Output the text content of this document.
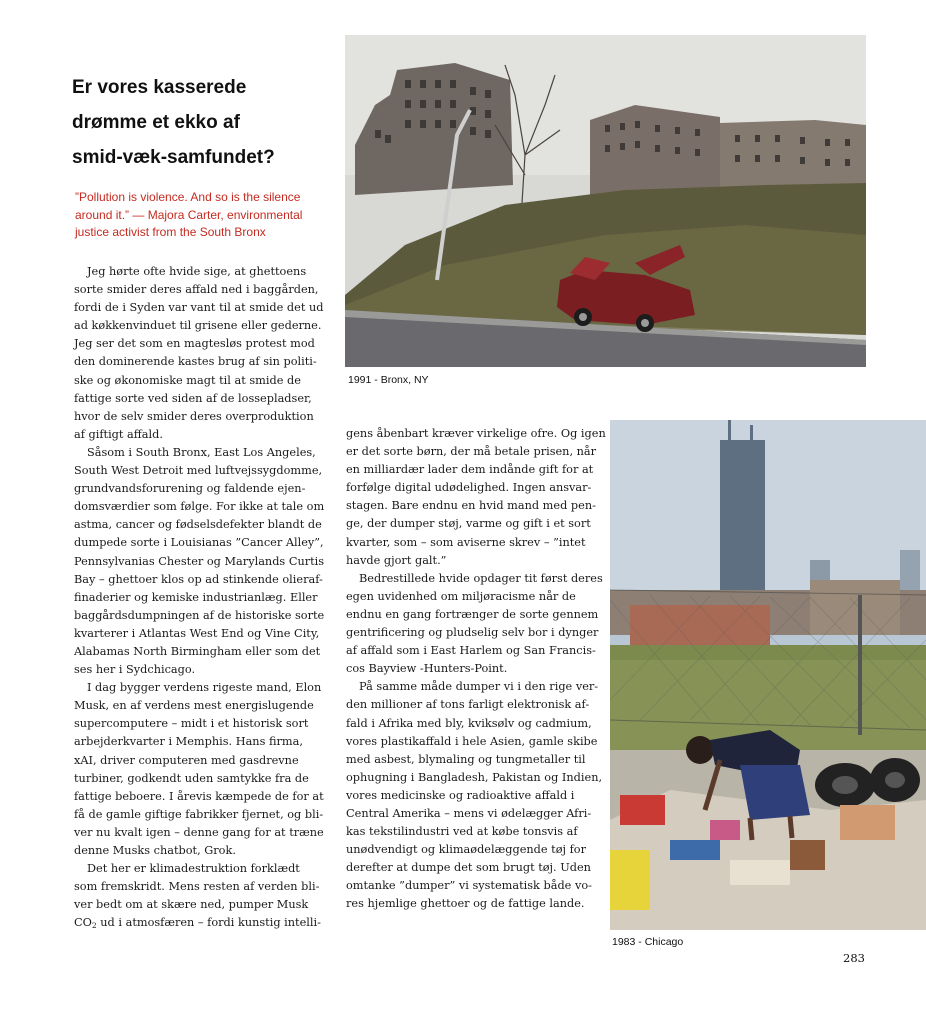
Er vores kasserede
drømme et ekko af
smid-væk-samfundet?

”Pollution is violence. And so is the silence
around it.” — Majora Carter, environmental
justice activist from the South Bronx

Jeg hørte ofte hvide sige, at ghettoens
sorte smider deres affald ned i baggården,
fordi de i Syden var vant til at smide det ud
ad køkkenvinduet til grisene eller gederne.
Jeg ser det som en magtesløs protest mod
den dominerende kastes brug af sin politi-
ske og økonomiske magt til at smide de
fattige sorte ved siden af de lossepladser,
hvor de selv smider deres overproduktion
af giftigt affald.
Såsom i South Bronx, East Los Angeles,
South West Detroit med luftvejssygdomme,
grundvandsforurening og faldende ejen-
domsværdier som følge. For ikke at tale om
astma, cancer og fødselsdefekter blandt de
dumpede sorte i Louisianas ”Cancer Alley”,
Pennsylvanias Chester og Marylands Curtis
Bay – ghettoer klos op ad stinkende olieraf-
finaderier og kemiske industrianlæg. Eller
baggårdsdumpningen af de historiske sorte
kvarterer i Atlantas West End og Vine City,
Alabamas North Birmingham eller som det
ses her i Sydchicago.
I dag bygger verdens rigeste mand, Elon
Musk, en af verdens mest energislugende
supercomputere – midt i et historisk sort
arbejderkvarter i Memphis. Hans firma,
xAI, driver computeren med gasdrevne
turbiner, godkendt uden samtykke fra de
fattige beboere. I årevis kæmpede de for at
få de gamle giftige fabrikker fjernet, og bli-
ver nu kvalt igen – denne gang for at træne
denne Musks chatbot, Grok.
Det her er klimadestruktion forklædt
som fremskridt. Mens resten af verden bli-
ver bedt om at skære ned, pumper Musk
$CO_2$ ud i atmosfæren – fordi kunstig intelli-
gens åbenbart kræver virkelige ofre. Og igen
er det sorte børn, der må betale prisen, når
en milliardær lader dem indånde gift for at
forfølge digital udødelighed. Ingen ansvar-
stagen. Bare endnu en hvid mand med pen-
ge, der dumper støj, varme og gift i et sort
kvarter, som – som aviserne skrev – ”intet
havde gjort galt.”
Bedrestillede hvide opdager tit først deres
egen uvidenhed om miljøracisme når de
endnu en gang fortrænger de sorte gennem
gentrificering og pludselig selv bor i dynger
af affald som i East Harlem og San Francis-
cos Bayview -Hunters-Point.
På samme måde dumper vi i den rige ver-
den millioner af tons farligt elektronisk af-
fald i Afrika med bly, kviksølv og cadmium,
vores plastikaffald i hele Asien, gamle skibe
med asbest, blymaling og tungmetaller til
ophugning i Bangladesh, Pakistan og Indien,
vores medicinske og radioaktive affald i
Central Amerika – mens vi ødelægger Afri-
kas tekstilindustri ved at købe tonsvis af
unødvendigt og klimaødelæggende tøj for
derefter at dumpe det som brugt tøj. Uden
omtanke ”dumper” vi systematisk både vo-
res hjemlige ghettoer og de fattige lande.
1991 - Bronx, NY
1983 - Chicago
283
